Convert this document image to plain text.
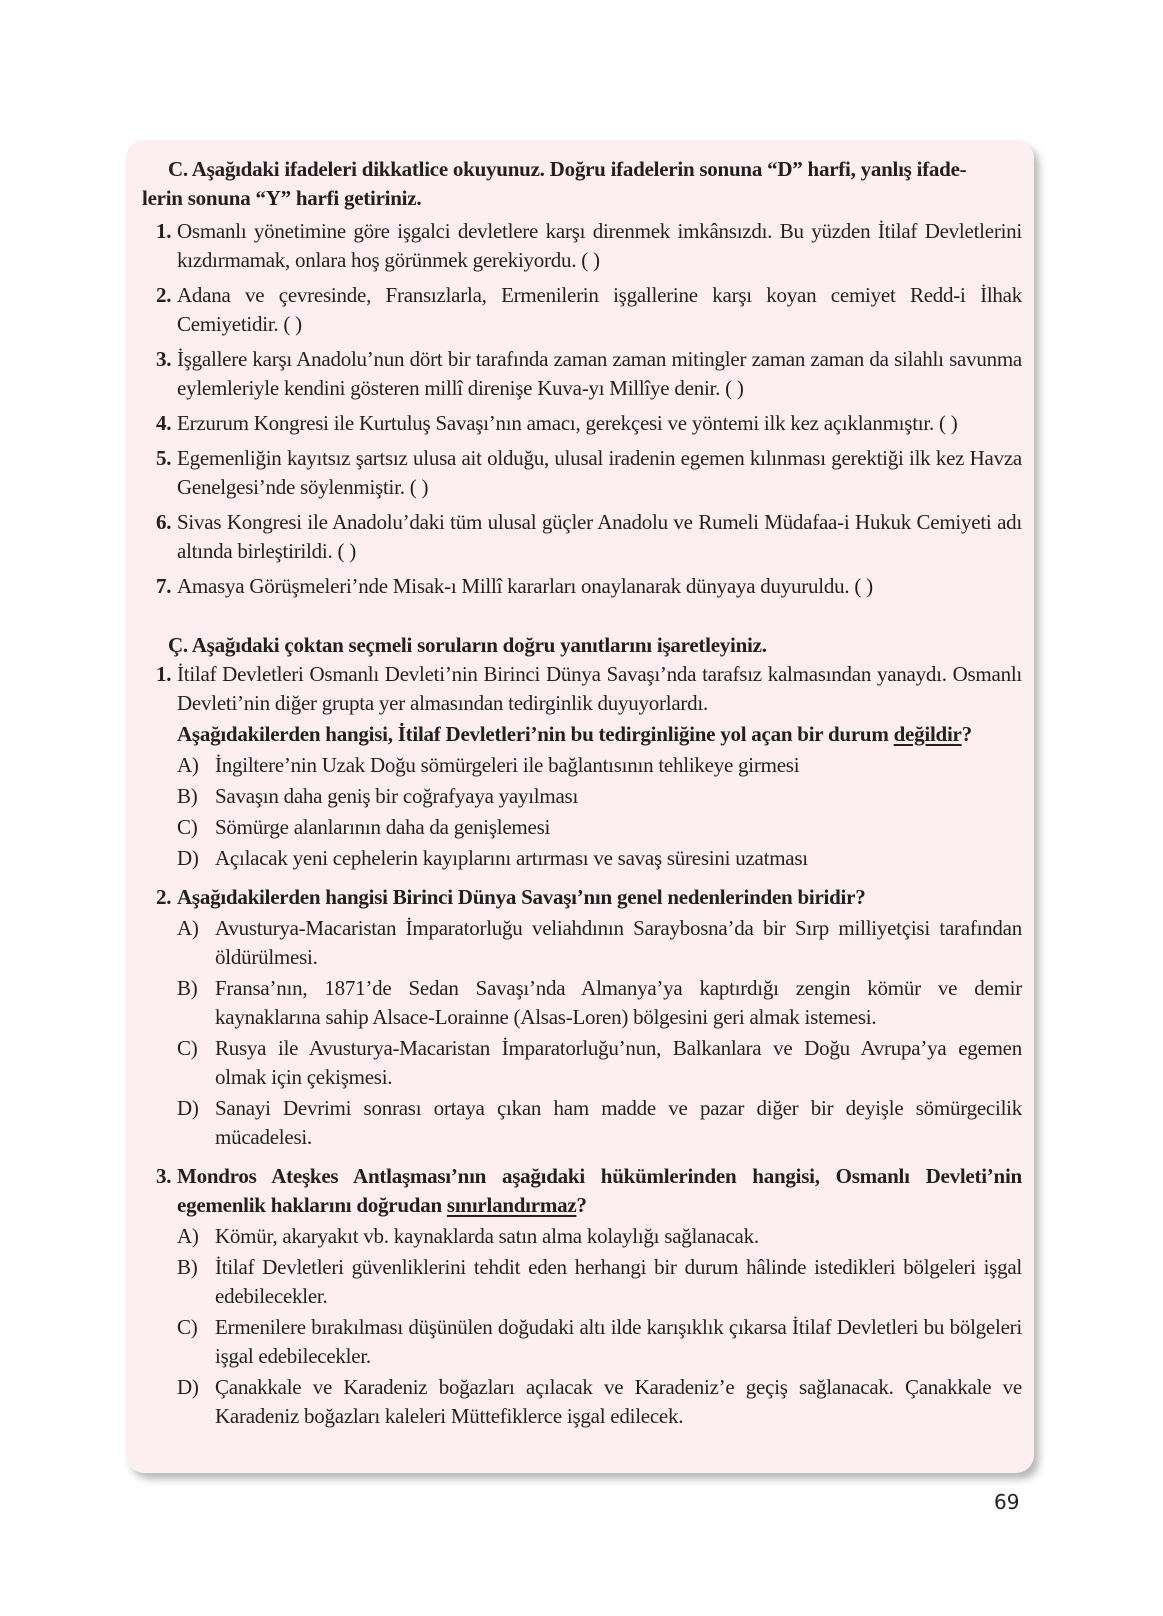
C. Aşağıdaki ifadeleri dikkatlice okuyunuz. Doğru ifadelerin sonuna “D” harfi, yanlış ifade-
lerin sonuna “Y” harfi getiriniz.

1. Osmanlı yönetimine göre işgalci devletlere karşı direnmek imkânsızdı. Bu yüzden İtilaf Devletlerini kızdırmamak, onlara hoş görünmek gerekiyordu. ( )
2. Adana ve çevresinde, Fransızlarla, Ermenilerin işgallerine karşı koyan cemiyet Redd-i İlhak Cemiyetidir. ( )
3. İşgallere karşı Anadolu’nun dört bir tarafında zaman zaman mitingler zaman zaman da silahlı savunma eylemleriyle kendini gösteren millî direnişe Kuva-yı Millîye denir. ( )
4. Erzurum Kongresi ile Kurtuluş Savaşı’nın amacı, gerekçesi ve yöntemi ilk kez açıklanmıştır. ( )
5. Egemenliğin kayıtsız şartsız ulusa ait olduğu, ulusal iradenin egemen kılınması gerektiği ilk kez Havza Genelgesi’nde söylenmiştir. ( )
6. Sivas Kongresi ile Anadolu’daki tüm ulusal güçler Anadolu ve Rumeli Müdafaa-i Hukuk Cemiyeti adı altında birleştirildi. ( )
7. Amasya Görüşmeleri’nde Misak-ı Millî kararları onaylanarak dünyaya duyuruldu. ( )

Ç. Aşağıdaki çoktan seçmeli soruların doğru yanıtlarını işaretleyiniz.

1. İtilaf Devletleri Osmanlı Devleti’nin Birinci Dünya Savaşı’nda tarafsız kalmasından yanaydı. Osmanlı Devleti’nin diğer grupta yer almasından tedirginlik duyuyorlardı.
Aşağıdakilerden hangisi, İtilaf Devletleri’nin bu tedirginliğine yol açan bir durum değildir?
A) İngiltere’nin Uzak Doğu sömürgeleri ile bağlantısının tehlikeye girmesi
B) Savaşın daha geniş bir coğrafyaya yayılması
C) Sömürge alanlarının daha da genişlemesi
D) Açılacak yeni cephelerin kayıplarını artırması ve savaş süresini uzatması
2. Aşağıdakilerden hangisi Birinci Dünya Savaşı’nın genel nedenlerinden biridir?
A) Avusturya-Macaristan İmparatorluğu veliahdının Saraybosna’da bir Sırp milliyetçisi tarafından öldürülmesi.
B) Fransa’nın, 1871’de Sedan Savaşı’nda Almanya’ya kaptırdığı zengin kömür ve demir kaynaklarına sahip Alsace-Lorainne (Alsas-Loren) bölgesini geri almak istemesi.
C) Rusya ile Avusturya-Macaristan İmparatorluğu’nun, Balkanlara ve Doğu Avrupa’ya egemen olmak için çekişmesi.
D) Sanayi Devrimi sonrası ortaya çıkan ham madde ve pazar diğer bir deyişle sömürgecilik mücadelesi.
3. Mondros Ateşkes Antlaşması’nın aşağıdaki hükümlerinden hangisi, Osmanlı Devleti’nin egemenlik haklarını doğrudan sınırlandırmaz?
A) Kömür, akaryakıt vb. kaynaklarda satın alma kolaylığı sağlanacak.
B) İtilaf Devletleri güvenliklerini tehdit eden herhangi bir durum hâlinde istedikleri bölgeleri işgal edebilecekler.
C) Ermenilere bırakılması düşünülen doğudaki altı ilde karışıklık çıkarsa İtilaf Devletleri bu bölgeleri işgal edebilecekler.
D) Çanakkale ve Karadeniz boğazları açılacak ve Karadeniz’e geçiş sağlanacak. Çanakkale ve Karadeniz boğazları kaleleri Müttefiklerce işgal edilecek.
69
